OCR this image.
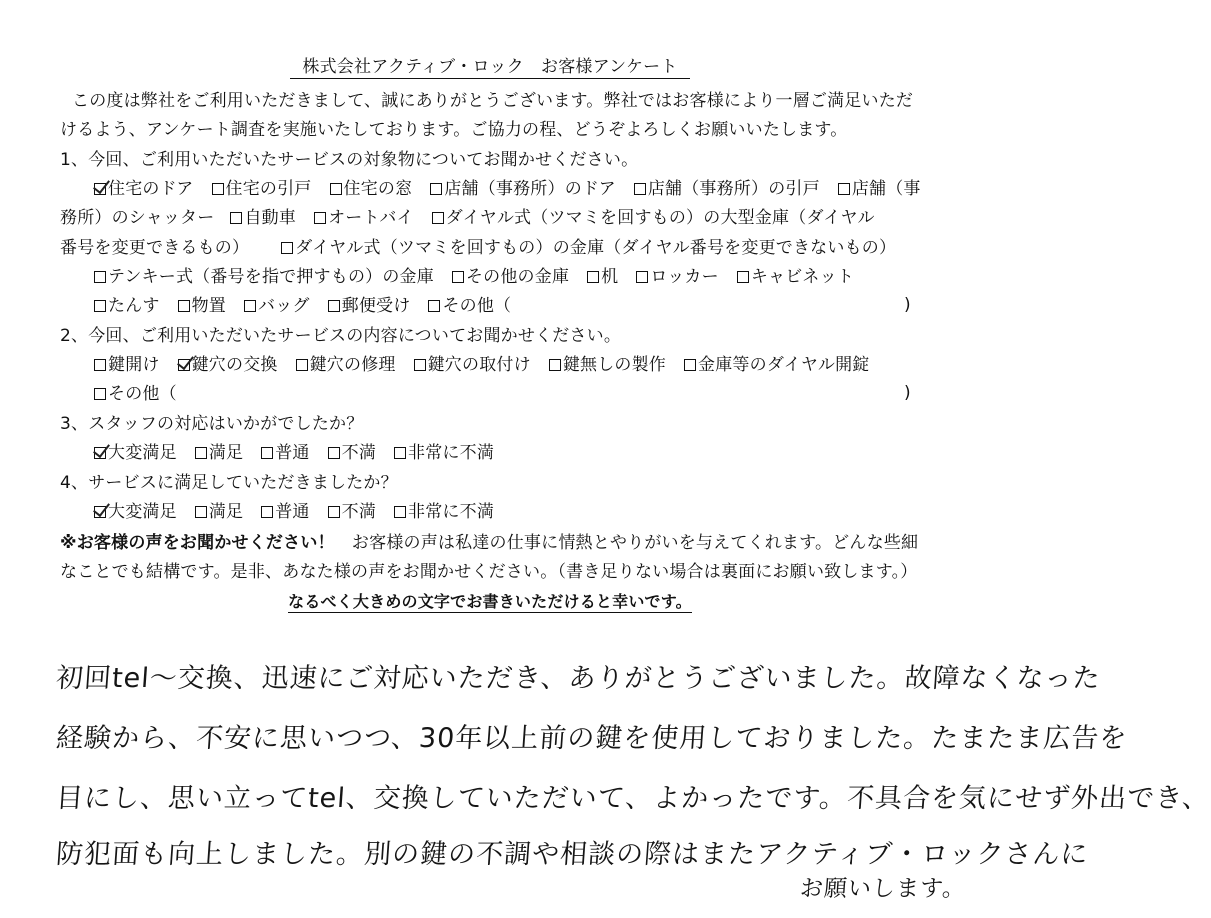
株式会社アクティブ・ロック　お客様アンケート
この度は弊社をご利用いただきまして、誠にありがとうございます。弊社ではお客様により一層ご満足いただ
けるよう、アンケート調査を実施いたしております。ご協力の程、どうぞよろしくお願いいたします。
1、今回、ご利用いただいたサービスの対象物についてお聞かせください。
住宅のドア 住宅の引戸 住宅の窓 店舗（事務所）のドア 店舗（事務所）の引戸 店舗（事
務所）のシャッター 自動車 オートバイ ダイヤル式（ツマミを回すもの）の大型金庫（ダイヤル
番号を変更できるもの）	ダイヤル式（ツマミを回すもの）の金庫（ダイヤル番号を変更できないもの）
テンキー式（番号を指で押すもの）の金庫 その他の金庫 机 ロッカー キャビネット
たんす 物置 バッグ 郵便受け その他（	)
2、今回、ご利用いただいたサービスの内容についてお聞かせください。
鍵開け 鍵穴の交換 鍵穴の修理 鍵穴の取付け 鍵無しの製作 金庫等のダイヤル開錠
その他（	)
3、スタッフの対応はいかがでしたか？
大変満足 満足 普通 不満 非常に不満
4、サービスに満足していただきましたか？
大変満足 満足 普通 不満 非常に不満
※お客様の声をお聞かせください！　お客様の声は私達の仕事に情熱とやりがいを与えてくれます。どんな些細
なことでも結構です。是非、あなた様の声をお聞かせください。（書き足りない場合は裏面にお願い致します。）
なるべく大きめの文字でお書きいただけると幸いです。
初回tel～交換、迅速にご対応いただき、ありがとうございました。故障なくなった
経験から、不安に思いつつ、30年以上前の鍵を使用しておりました。たまたま広告を
目にし、思い立ってtel、交換していただいて、よかったです。不具合を気にせず外出でき、
防犯面も向上しました。別の鍵の不調や相談の際はまたアクティブ・ロックさんに
お願いします。
